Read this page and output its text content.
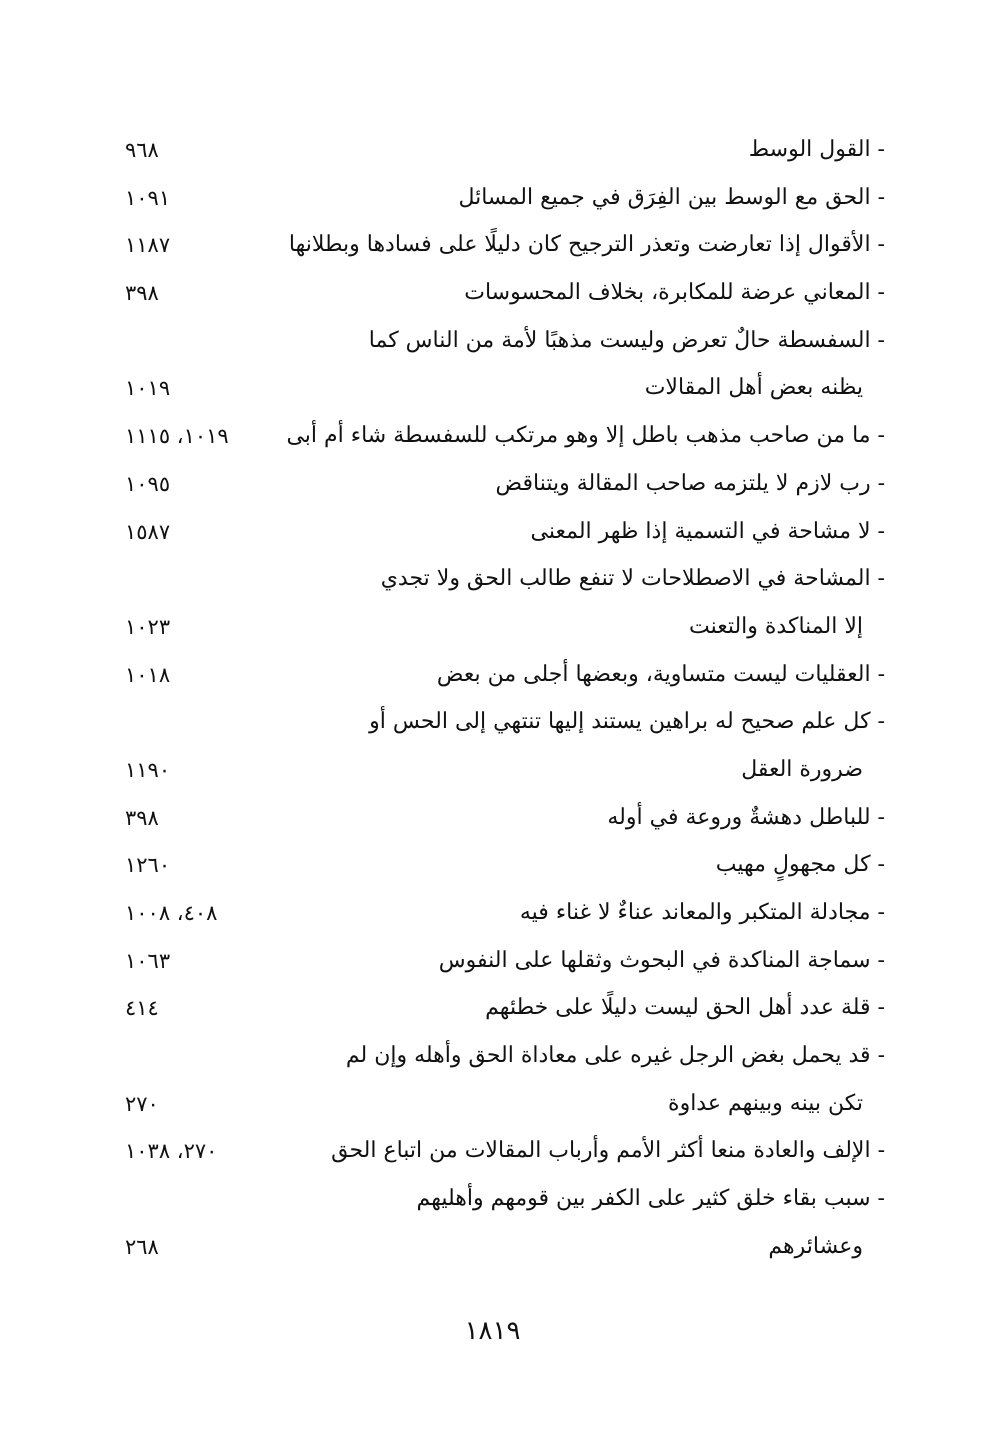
- القول الوسط
٩٦٨
- الحق مع الوسط بين الفِرَق في جميع المسائل
١٠٩١
- الأقوال إذا تعارضت وتعذر الترجيح كان دليلًا على فسادها وبطلانها
١١٨٧
- المعاني عرضة للمكابرة، بخلاف المحسوسات
٣٩٨
- السفسطة حالٌ تعرض وليست مذهبًا لأمة من الناس كما
يظنه بعض أهل المقالات
١٠١٩
- ما من صاحب مذهب باطل إلا وهو مرتكب للسفسطة شاء أم أبى
١٠١٩، ١١١٥
- رب لازم لا يلتزمه صاحب المقالة ويتناقض
١٠٩٥
- لا مشاحة في التسمية إذا ظهر المعنى
١٥٨٧
- المشاحة في الاصطلاحات لا تنفع طالب الحق ولا تجدي
إلا المناكدة والتعنت
١٠٢٣
- العقليات ليست متساوية، وبعضها أجلى من بعض
١٠١٨
- كل علم صحيح له براهين يستند إليها تنتهي إلى الحس أو
ضرورة العقل
١١٩٠
- للباطل دهشةٌ وروعة في أوله
٣٩٨
- كل مجهولٍ مهيب
١٢٦٠
- مجادلة المتكبر والمعاند عناءٌ لا غناء فيه
٤٠٨، ١٠٠٨
- سماجة المناكدة في البحوث وثقلها على النفوس
١٠٦٣
- قلة عدد أهل الحق ليست دليلًا على خطئهم
٤١٤
- قد يحمل بغض الرجل غيره على معاداة الحق وأهله وإن لم
تكن بينه وبينهم عداوة
٢٧٠
- الإلف والعادة منعا أكثر الأمم وأرباب المقالات من اتباع الحق
٢٧٠، ١٠٣٨
- سبب بقاء خلق كثير على الكفر بين قومهم وأهليهم
وعشائرهم
٢٦٨
١٨١٩
